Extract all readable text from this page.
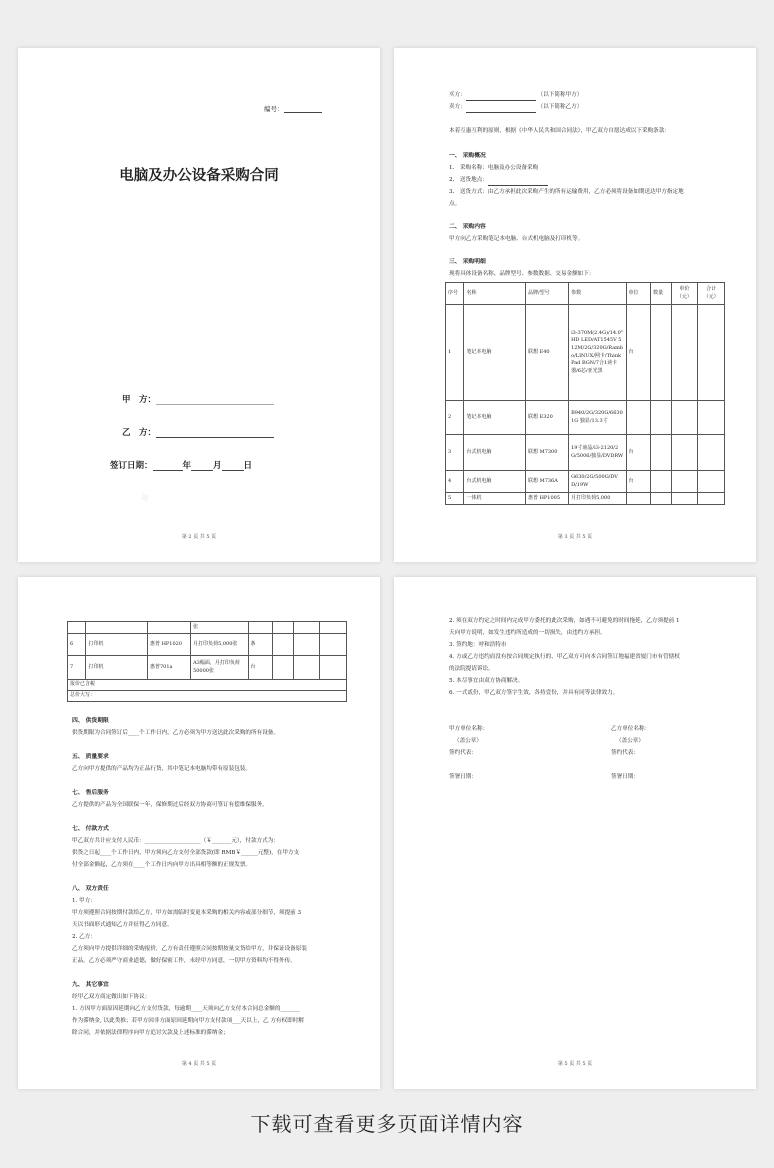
编号：
电脑及办公设备采购合同
甲　方：
乙　方：
签订日期：	年	月	日
✦
第 2 页 共 5 页
买方：	（以下简称甲方）
卖方：	（以下简称乙方）
本着互惠互利的原则，根据《中华人民共和国合同法》，甲乙双方自愿达成以下采购条款：
一、 采购概况
1、 采购名称：电脑及办公设备采购
2、 送货地点：
3、 送货方式：由乙方承担此次采购产生的所有运输费用，乙方必须将设备如期送达甲方指定地
点。
二、 采购内容
甲方向乙方采购笔记本电脑、台式机电脑及打印机等。
三、 采购明细
现将具体设备名称、品牌型号、参数数据、交易金额如下：
序号	名称	品牌/型号	参数	单位	数量	单价（元）	合计（元）
1	笔记本电脑	联想 E40	i3-370M(2.4G)/14.0" HD LED/AT1545V 512M/2G/320G/Rambo/LINUX/网卡/ThinkPad BGN/7合1读卡器/6芯/亚光黑	台			
2	笔记本电脑	联想 E320	B940/2G/320G/6630 1G 独显/13.3寸				
3	台式机电脑	联想 M7300	19寸液晶/i3-2120/2G/5006/独显/DVDRW	台			
4	台式机电脑	联想 M736A	G630/2G/500G/DVD/19W	台			
5	一体机	惠普 HP1005	月打印负荷5,000				
第 3 页 共 5 页
			张				
6	打印机	惠普 HP1020	月打印负荷5,000张	条			
7	打印机	惠普701a	A3幅面，月打印负荷50000张	台			
报价已含税							
总价大写：							
四、 供货期限
供货期限为合同签订后____个工作日内，乙方必须为甲方送达此次采购的所有设备。
五、 质量要求
乙方向甲方提供的产品均为正品行货，其中笔记本电脑均带有原装包装。
七、 售后服务
乙方提供的产品为全国联保一年，保修期过后经双方协商可签订有偿维保服务。
七、 付款方式
甲乙双方共计应支付人民币：____________________（￥_______元），付款方式为：
供货之日起____个工作日内，甲方须向乙方支付全部货款(即 RMB￥______元整)，在甲方支
付全部金额起，乙方须在____个工作日内向甲方出具相等额的正规发票。
八、 双方责任
1. 甲方：
甲方须遵照合同按期付款给乙方，甲方如需临时变更本采购的相关内容或部分细节，须提前 3
天以书面形式通知乙方并征得乙方同意。
2. 乙方：
乙方须向甲方提供详细的采购报价，乙方有责任遵照合同按期按量交货给甲方，并保证设备原装
正品。乙方必须严守商业道德，做好保密工作，未经甲方同意，一切甲方资料均不得外传。
九、 其它事宜
经甲乙双方商定做出如下协议：
1. 方因甲方面原因延期向乙方支付货款，每逾期____天须向乙方支付本合同总金额的_______
作为滞纳金, 以此类推；若甲方因非方面原因延期向甲方支付款项___天以上，乙 方有权即时解
除合同，并依据法律程序向甲方追讨欠款及上述标准的滞纳金；
第 4 页 共 5 页
2. 须在双方约定之时间内完成甲方委托的此次采购，如遇不可避免的时间拖延，乙方须提前 1
天向甲方说明，如发生违约所造成的一切损失，由违约方承担。
3. 签约地：呼和浩特市
4. 方或乙方违约而没有按合同规定执行的，甲乙双方可向本合同签订地福建省厦门市有管辖权
的法院提请诉讼。
5. 本尽事宜由双方协商解决。
6. 一式贰份，甲乙双方签字生效，各持壹份，并具有同等法律效力。
甲方单位名称：
（盖公章）
签约代表：
乙方单位名称：
（盖公章）
签约代表：
签署日期：	签署日期：
第 5 页 共 5 页
下载可查看更多页面详情内容
